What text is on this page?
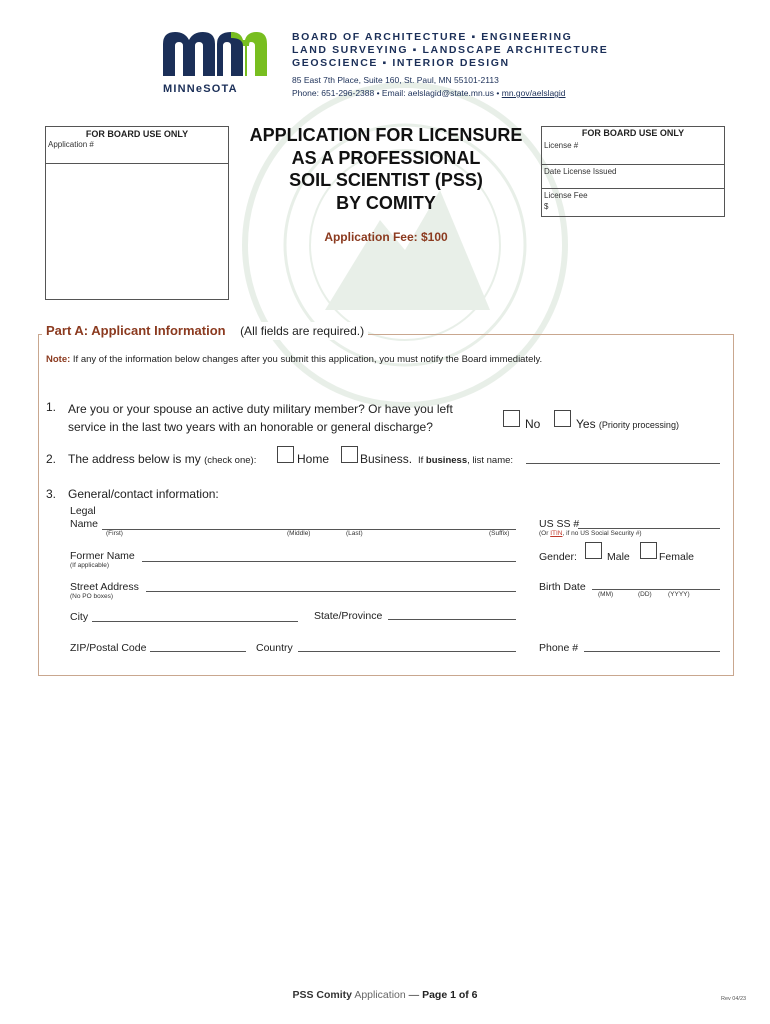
MINNeSOTA
BOARD OF ARCHITECTURE ▪ ENGINEERING
LAND SURVEYING ▪ LANDSCAPE ARCHITECTURE
GEOSCIENCE ▪ INTERIOR DESIGN
85 East 7th Place, Suite 160, St. Paul, MN 55101-2113
Phone: 651-296-2388 • Email: aelslagid@state.mn.us • mn.gov/aelslagid
FOR BOARD USE ONLY
Application #	APPLICATION FOR LICENSURE
AS A PROFESSIONAL
SOIL SCIENTIST (PSS)
BY COMITY
Application Fee: $100
FOR BOARD USE ONLY
License #
Date License Issued
License Fee
$
Part A: Applicant Information (All fields are required.)
Note: If any of the information below changes after you submit this application, you must notify the Board immediately.
1. Are you or your spouse an active duty military member? Or have you left
service in the last two years with an honorable or general discharge?	No	Yes (Priority processing)
2. The address below is my (check one):	Home	Business. If business, list name:
3. General/contact information:
Legal
Name
(First)	(Middle)	(Last)	(Suffix)
US SS #
(Or ITIN, if no US Social Security #)
Former Name
(If applicable)
Gender:	Male	Female
Street Address
(No PO boxes)
Birth Date
(MM)	(DD)	(YYYY)
City	State/Province
ZIP/Postal Code	Country	Phone #
PSS Comity Application — Page 1 of 6	Rev 04/23
